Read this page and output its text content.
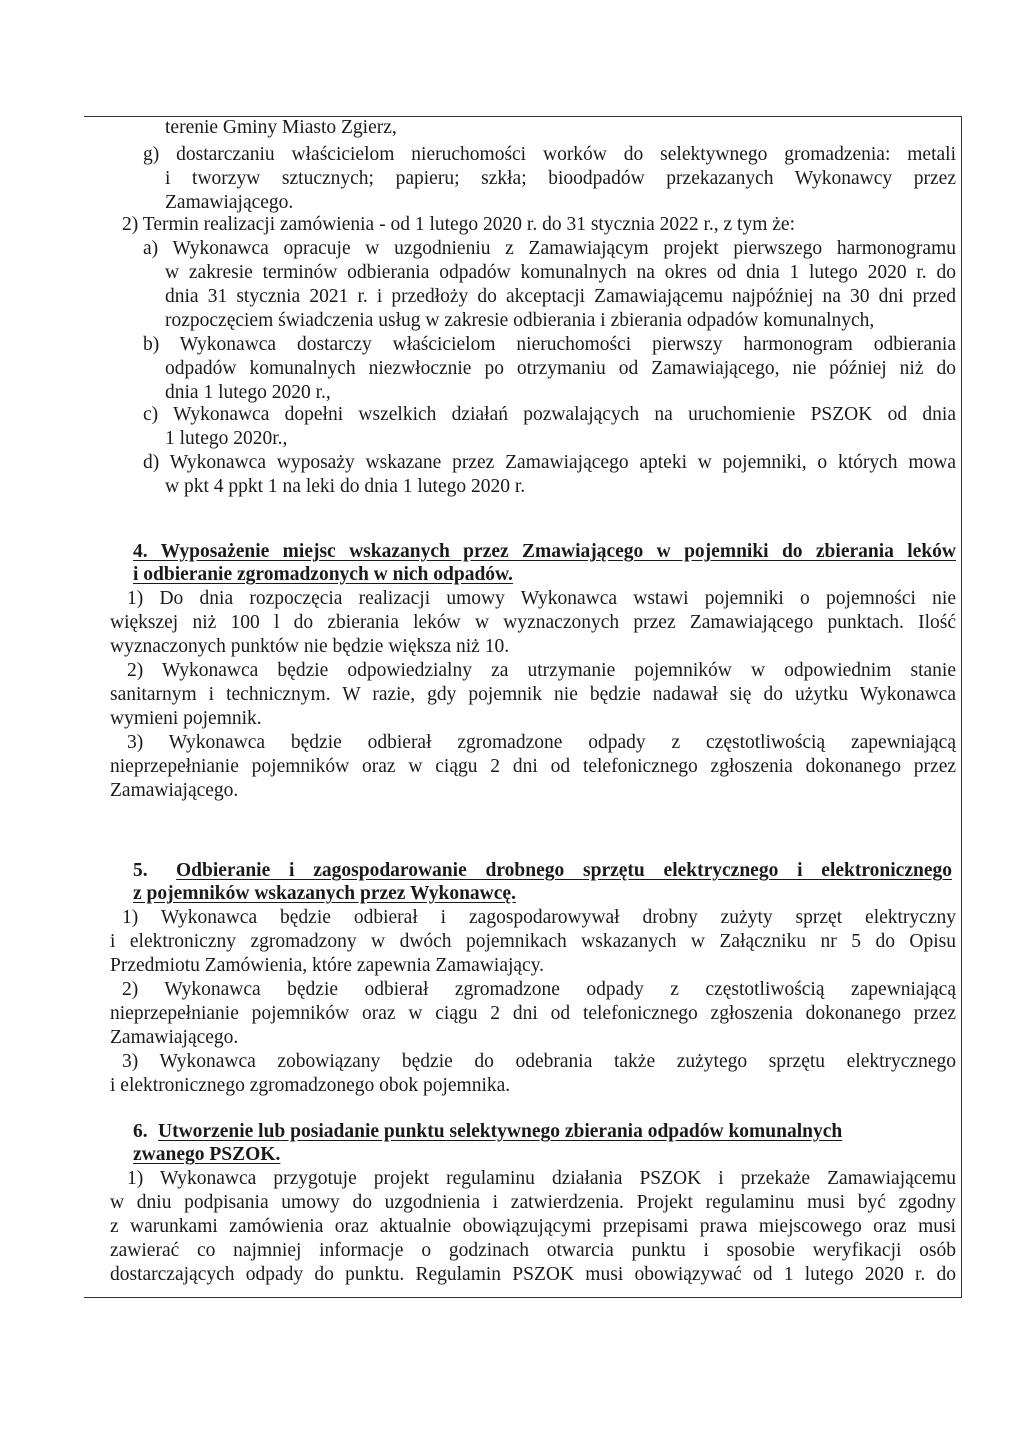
terenie Gminy Miasto Zgierz,
g) dostarczaniu właścicielom nieruchomości worków do selektywnego gromadzenia: metali
i tworzyw sztucznych; papieru; szkła; bioodpadów przekazanych Wykonawcy przez
Zamawiającego.
2) Termin realizacji zamówienia - od 1 lutego 2020 r. do 31 stycznia 2022 r., z tym że:
a) Wykonawca opracuje w uzgodnieniu z Zamawiającym projekt pierwszego harmonogramu
w zakresie terminów odbierania odpadów komunalnych na okres od dnia 1 lutego 2020 r. do
dnia 31 stycznia 2021 r. i przedłoży do akceptacji Zamawiającemu najpóźniej na 30 dni przed
rozpoczęciem świadczenia usług w zakresie odbierania i zbierania odpadów komunalnych,
b) Wykonawca dostarczy właścicielom nieruchomości pierwszy harmonogram odbierania
odpadów komunalnych niezwłocznie po otrzymaniu od Zamawiającego, nie później niż do
dnia 1 lutego 2020 r.,
c) Wykonawca dopełni wszelkich działań pozwalających na uruchomienie PSZOK od dnia
1 lutego 2020r.,
d) Wykonawca wyposaży wskazane przez Zamawiającego apteki w pojemniki, o których mowa
w pkt 4 ppkt 1 na leki do dnia 1 lutego 2020 r.
4. Wyposażenie miejsc wskazanych przez Zmawiającego w pojemniki do zbierania leków
i odbieranie zgromadzonych w nich odpadów.
1) Do dnia rozpoczęcia realizacji umowy Wykonawca wstawi pojemniki o pojemności nie
większej niż 100 l do zbierania leków w wyznaczonych przez Zamawiającego punktach. Ilość
wyznaczonych punktów nie będzie większa niż 10.
2) Wykonawca będzie odpowiedzialny za utrzymanie pojemników w odpowiednim stanie
sanitarnym i technicznym. W razie, gdy pojemnik nie będzie nadawał się do użytku Wykonawca
wymieni pojemnik.
3) Wykonawca będzie odbierał zgromadzone odpady z częstotliwością zapewniającą
nieprzepełnianie pojemników oraz w ciągu 2 dni od telefonicznego zgłoszenia dokonanego przez
Zamawiającego.
5. Odbieranie i zagospodarowanie drobnego sprzętu elektrycznego i elektronicznego
z pojemników wskazanych przez Wykonawcę.
1) Wykonawca będzie odbierał i zagospodarowywał drobny zużyty sprzęt elektryczny
i elektroniczny zgromadzony w dwóch pojemnikach wskazanych w Załączniku nr 5 do Opisu
Przedmiotu Zamówienia, które zapewnia Zamawiający.
2) Wykonawca będzie odbierał zgromadzone odpady z częstotliwością zapewniającą
nieprzepełnianie pojemników oraz w ciągu 2 dni od telefonicznego zgłoszenia dokonanego przez
Zamawiającego.
3) Wykonawca zobowiązany będzie do odebrania także zużytego sprzętu elektrycznego
i elektronicznego zgromadzonego obok pojemnika.
6. Utworzenie lub posiadanie punktu selektywnego zbierania odpadów komunalnych
zwanego PSZOK.
1) Wykonawca przygotuje projekt regulaminu działania PSZOK i przekaże Zamawiającemu
w dniu podpisania umowy do uzgodnienia i zatwierdzenia. Projekt regulaminu musi być zgodny
z warunkami zamówienia oraz aktualnie obowiązującymi przepisami prawa miejscowego oraz musi
zawierać co najmniej informacje o godzinach otwarcia punktu i sposobie weryfikacji osób
dostarczających odpady do punktu. Regulamin PSZOK musi obowiązywać od 1 lutego 2020 r. do
